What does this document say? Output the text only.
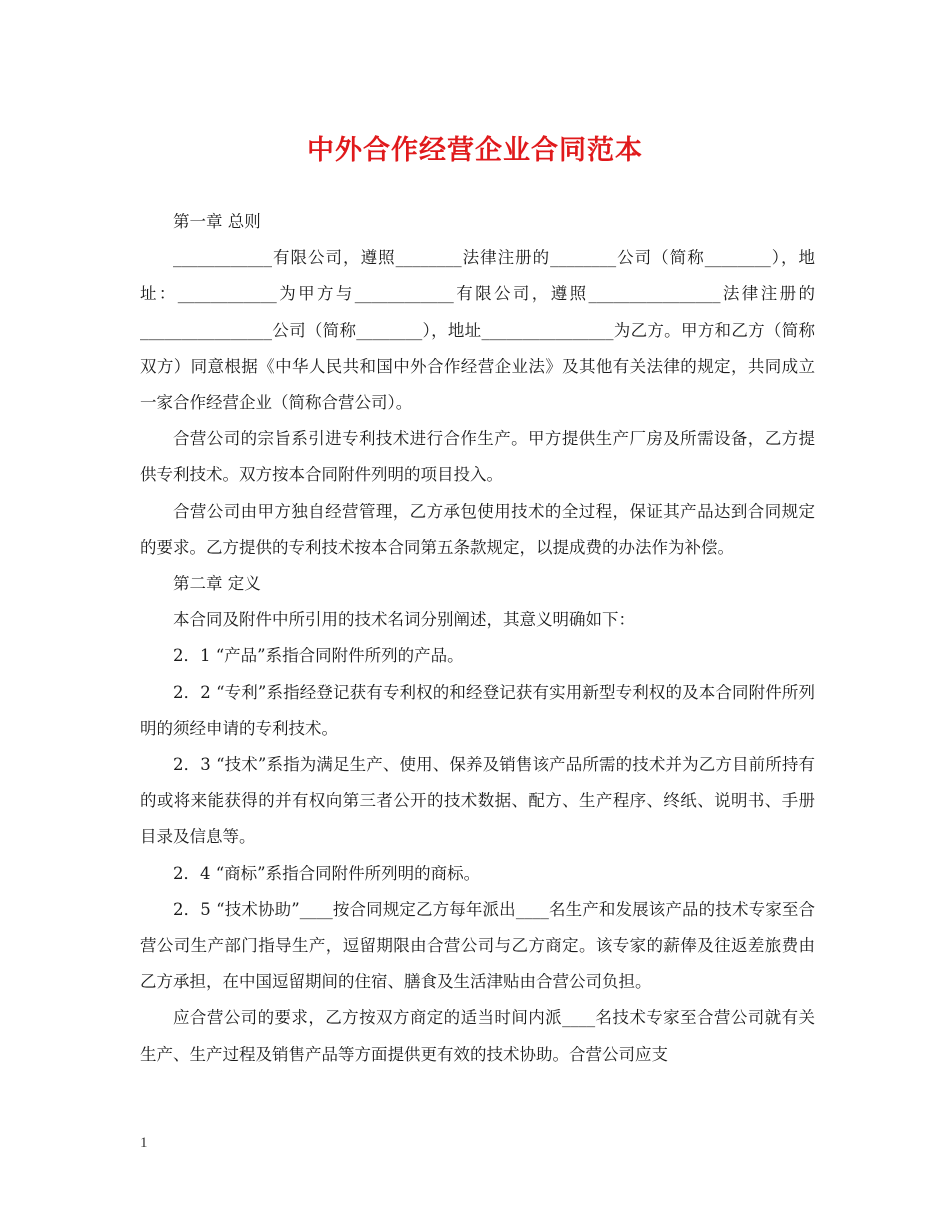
中外合作经营企业合同范本

第一章 总则

____________有限公司，遵照________法律注册的________公司（简称________），地址：____________为甲方与____________有限公司，遵照________________法律注册的________________公司（简称________），地址________________为乙方。甲方和乙方（简称双方）同意根据《中华人民共和国中外合作经营企业法》及其他有关法律的规定，共同成立一家合作经营企业（简称合营公司）。

合营公司的宗旨系引进专利技术进行合作生产。甲方提供生产厂房及所需设备，乙方提供专利技术。双方按本合同附件列明的项目投入。

合营公司由甲方独自经营管理，乙方承包使用技术的全过程，保证其产品达到合同规定的要求。乙方提供的专利技术按本合同第五条款规定，以提成费的办法作为补偿。

第二章 定义

本合同及附件中所引用的技术名词分别阐述，其意义明确如下：

2．1 “产品”系指合同附件所列的产品。

2．2 “专利”系指经登记获有专利权的和经登记获有实用新型专利权的及本合同附件所列明的须经申请的专利技术。

2．3 “技术”系指为满足生产、使用、保养及销售该产品所需的技术并为乙方目前所持有的或将来能获得的并有权向第三者公开的技术数据、配方、生产程序、终纸、说明书、手册目录及信息等。

2．4 “商标”系指合同附件所列明的商标。

2．5 “技术协助”____按合同规定乙方每年派出____名生产和发展该产品的技术专家至合营公司生产部门指导生产，逗留期限由合营公司与乙方商定。该专家的薪俸及往返差旅费由乙方承担，在中国逗留期间的住宿、膳食及生活津贴由合营公司负担。

应合营公司的要求，乙方按双方商定的适当时间内派____名技术专家至合营公司就有关生产、生产过程及销售产品等方面提供更有效的技术协助。合营公司应支

1
